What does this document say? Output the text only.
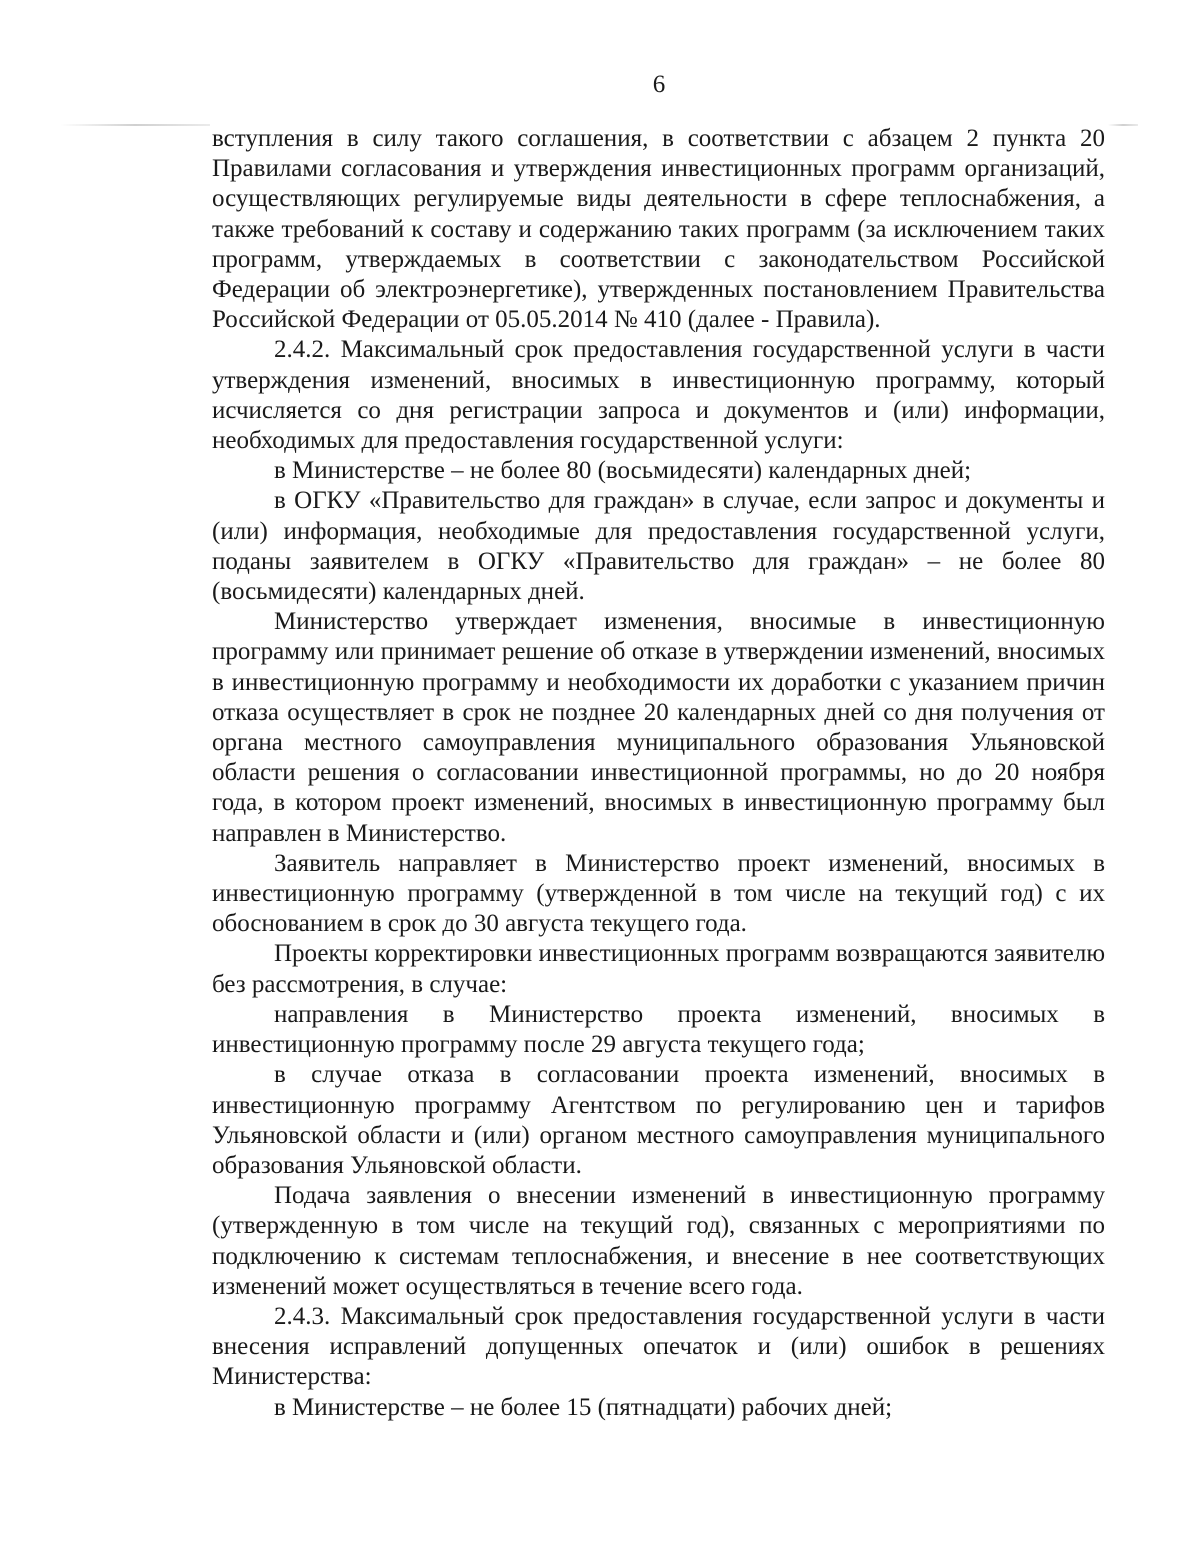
6

вступления в силу такого соглашения, в соответствии с абзацем 2 пункта 20 Правилами согласования и утверждения инвестиционных программ организаций, осуществляющих регулируемые виды деятельности в сфере теплоснабжения, а также требований к составу и содержанию таких программ (за исключением таких программ, утверждаемых в соответствии с законодательством Российской Федерации об электроэнергетике), утвержденных постановлением Правительства Российской Федерации от 05.05.2014 № 410 (далее - Правила).

2.4.2. Максимальный срок предоставления государственной услуги в части утверждения изменений, вносимых в инвестиционную программу, который исчисляется со дня регистрации запроса и документов и (или) информации, необходимых для предоставления государственной услуги:

в Министерстве – не более 80 (восьмидесяти) календарных дней;

в ОГКУ «Правительство для граждан» в случае, если запрос и документы и (или) информация, необходимые для предоставления государственной услуги, поданы заявителем в ОГКУ «Правительство для граждан» – не более 80 (восьмидесяти) календарных дней.

Министерство утверждает изменения, вносимые в инвестиционную программу или принимает решение об отказе в утверждении изменений, вносимых в инвестиционную программу и необходимости их доработки с указанием причин отказа осуществляет в срок не позднее 20 календарных дней со дня получения от органа местного самоуправления муниципального образования Ульяновской области решения о согласовании инвестиционной программы, но до 20 ноября года, в котором проект изменений, вносимых в инвестиционную программу был направлен в Министерство.

Заявитель направляет в Министерство проект изменений, вносимых в инвестиционную программу (утвержденной в том числе на текущий год) с их обоснованием в срок до 30 августа текущего года.

Проекты корректировки инвестиционных программ возвращаются заявителю без рассмотрения, в случае:

направления в Министерство проекта изменений, вносимых в инвестиционную программу после 29 августа текущего года;

в случае отказа в согласовании проекта изменений, вносимых в инвестиционную программу Агентством по регулированию цен и тарифов Ульяновской области и (или) органом местного самоуправления муниципального образования Ульяновской области.

Подача заявления о внесении изменений в инвестиционную программу (утвержденную в том числе на текущий год), связанных с мероприятиями по подключению к системам теплоснабжения, и внесение в нее соответствующих изменений может осуществляться в течение всего года.

2.4.3. Максимальный срок предоставления государственной услуги в части внесения исправлений допущенных опечаток и (или) ошибок в решениях Министерства:

в Министерстве – не более 15 (пятнадцати) рабочих дней;
